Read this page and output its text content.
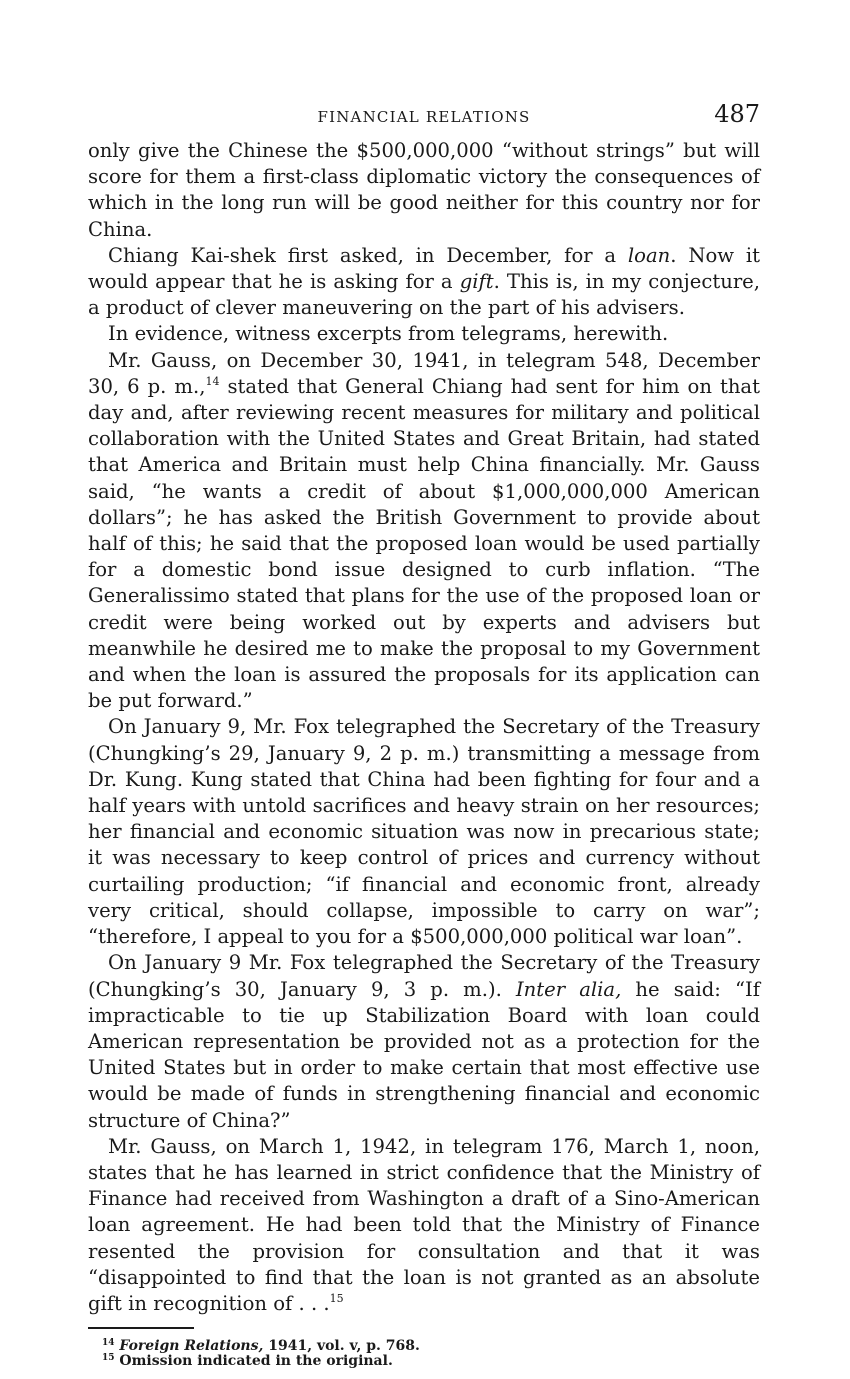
FINANCIAL RELATIONS	487

only give the Chinese the $500,000,000 “without strings” but will score for them a first-class diplomatic victory the consequences of which in the long run will be good neither for this country nor for China.

Chiang Kai-shek first asked, in December, for a loan. Now it would appear that he is asking for a gift. This is, in my conjecture, a product of clever maneuvering on the part of his advisers.

In evidence, witness excerpts from telegrams, herewith.

Mr. Gauss, on December 30, 1941, in telegram 548, December 30, 6 p. m.,$^{14}$ stated that General Chiang had sent for him on that day and, after reviewing recent measures for military and political collaboration with the United States and Great Britain, had stated that America and Britain must help China financially. Mr. Gauss said, “he wants a credit of about $1,000,000,000 American dollars”; he has asked the British Government to provide about half of this; he said that the proposed loan would be used partially for a domestic bond issue designed to curb inflation. “The Generalissimo stated that plans for the use of the proposed loan or credit were being worked out by experts and advisers but meanwhile he desired me to make the proposal to my Government and when the loan is assured the proposals for its application can be put forward.”

On January 9, Mr. Fox telegraphed the Secretary of the Treasury (Chungking’s 29, January 9, 2 p. m.) transmitting a message from Dr. Kung. Kung stated that China had been fighting for four and a half years with untold sacrifices and heavy strain on her resources; her financial and economic situation was now in precarious state; it was necessary to keep control of prices and currency without curtailing production; “if financial and economic front, already very critical, should collapse, impossible to carry on war”; “therefore, I appeal to you for a $500,000,000 political war loan”.

On January 9 Mr. Fox telegraphed the Secretary of the Treasury (Chungking’s 30, January 9, 3 p. m.). Inter alia, he said: “If impracticable to tie up Stabilization Board with loan could American representation be provided not as a protection for the United States but in order to make certain that most effective use would be made of funds in strengthening financial and economic structure of China?”

Mr. Gauss, on March 1, 1942, in telegram 176, March 1, noon, states that he has learned in strict confidence that the Ministry of Finance had received from Washington a draft of a Sino-American loan agreement. He had been told that the Ministry of Finance resented the provision for consultation and that it was “disappointed to find that the loan is not granted as an absolute gift in recognition of . . .$^{15}$

$^{14}$ Foreign Relations, 1941, vol. v, p. 768.

$^{15}$ Omission indicated in the original.
